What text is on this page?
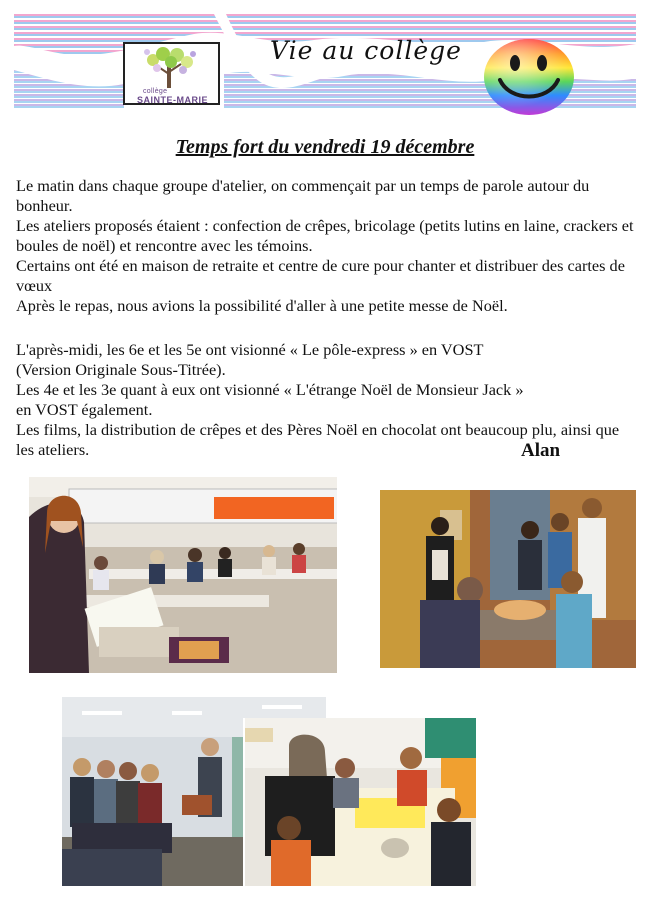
collège
SAINTE-MARIE
Vie au collège
Temps fort du vendredi 19 décembre
Le matin dans chaque groupe d'atelier, on commençait par un temps de parole autour du bonheur.
Les ateliers proposés étaient : confection de crêpes, bricolage (petits lutins en laine, crackers et boules de noël) et rencontre avec les témoins.
Certains ont été en maison de retraite et centre de cure pour chanter et distribuer des cartes de vœux
Après le repas, nous avions la possibilité d'aller à une petite messe de Noël.
L'après-midi, les 6e et les 5e ont visionné « Le pôle-express » en VOST
(Version Originale Sous-Titrée).
Les 4e et les 3e quant à eux ont visionné « L'étrange Noël de Monsieur Jack »
en VOST également.
Les films, la distribution de crêpes et des Pères Noël en chocolat ont beaucoup plu, ainsi que les ateliers.	Alan
